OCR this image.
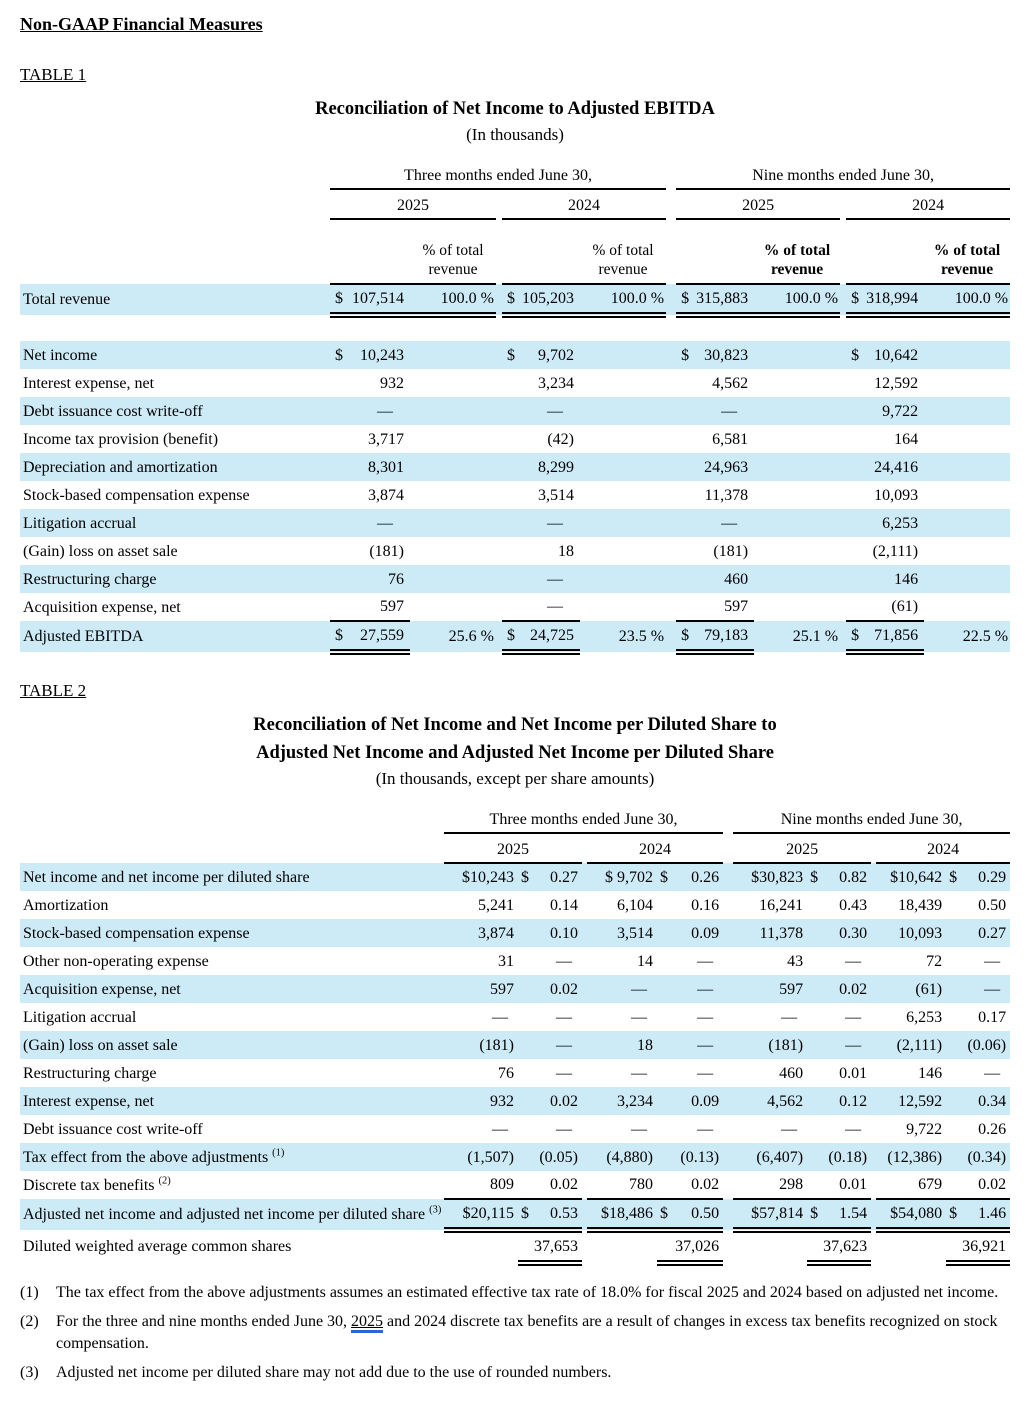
Non-GAAP Financial Measures
TABLE 1
Reconciliation of Net Income to Adjusted EBITDA
(In thousands)
	Three months ended June 30,						Nine months ended June 30,				
	2025			2024			2025			2024	

		% of total revenue			% of total revenue			% of total revenue			% of total revenue
Total revenue	$ 107,514	100.0 %		$ 105,203	100.0 %		$ 315,883	100.0 %		$ 318,994	100.0 %

Net income	$ 10,243			$ 9,702			$ 30,823			$ 10,642	

Interest expense, net	932			3,234			4,562			12,592	
Debt issuance cost write-off	—			—			—			9,722	
Income tax provision (benefit)	3,717			(42)			6,581			164	
Depreciation and amortization	8,301			8,299			24,963			24,416	
Stock-based compensation expense	3,874			3,514			11,378			10,093	
Litigation accrual	—			—			—			6,253	
(Gain) loss on asset sale	(181)			18			(181)			(2,111)	
Restructuring charge	76			—			460			146	
Acquisition expense, net	597			—			597			(61)	
Adjusted EBITDA	$ 27,559	25.6 %		$ 24,725	23.5 %		$ 79,183	25.1 %		$ 71,856	22.5 %
TABLE 2
Reconciliation of Net Income and Net Income per Diluted Share to
Adjusted Net Income and Adjusted Net Income per Diluted Share
(In thousands, except per share amounts)
	Three months ended June 30,						Nine months ended June 30,				
	2025			2024			2025			2024	
Net income and net income per diluted share	$10,243	$ 0.27		$ 9,702	$ 0.26		$30,823	$ 0.82		$10,642	$ 0.29

Amortization	5,241	0.14		6,104	0.16		16,241	0.43		18,439	0.50
Stock-based compensation expense	3,874	0.10		3,514	0.09		11,378	0.30		10,093	0.27
Other non-operating expense	31	—		14	—		43	—		72	—
Acquisition expense, net	597	0.02		—	—		597	0.02		(61)	—
Litigation accrual	—	—		—	—		—	—		6,253	0.17
(Gain) loss on asset sale	(181)	—		18	—		(181)	—		(2,111)	(0.06)
Restructuring charge	76	—		—	—		460	0.01		146	—
Interest expense, net	932	0.02		3,234	0.09		4,562	0.12		12,592	0.34
Debt issuance cost write-off	—	—		—	—		—	—		9,722	0.26
Tax effect from the above adjustments $^{(1)}$	(1,507)	(0.05)		(4,880)	(0.13)		(6,407)	(0.18)		(12,386)	(0.34)
Discrete tax benefits $^{(2)}$	809	0.02		780	0.02		298	0.01		679	0.02
Adjusted net income and adjusted net income per diluted share $^{(3)}$	$20,115	$ 0.53		$18,486	$ 0.50		$57,814	$ 1.54		$54,080	$ 1.46

Diluted weighted average common shares		37,653			37,026			37,623			36,921
(1)	The tax effect from the above adjustments assumes an estimated effective tax rate of 18.0% for fiscal 2025 and 2024 based on adjusted net income.
(2)	For the three and nine months ended June 30, 2025 and 2024 discrete tax benefits are a result of changes in excess tax benefits recognized on stock compensation.
(3)	Adjusted net income per diluted share may not add due to the use of rounded numbers.
